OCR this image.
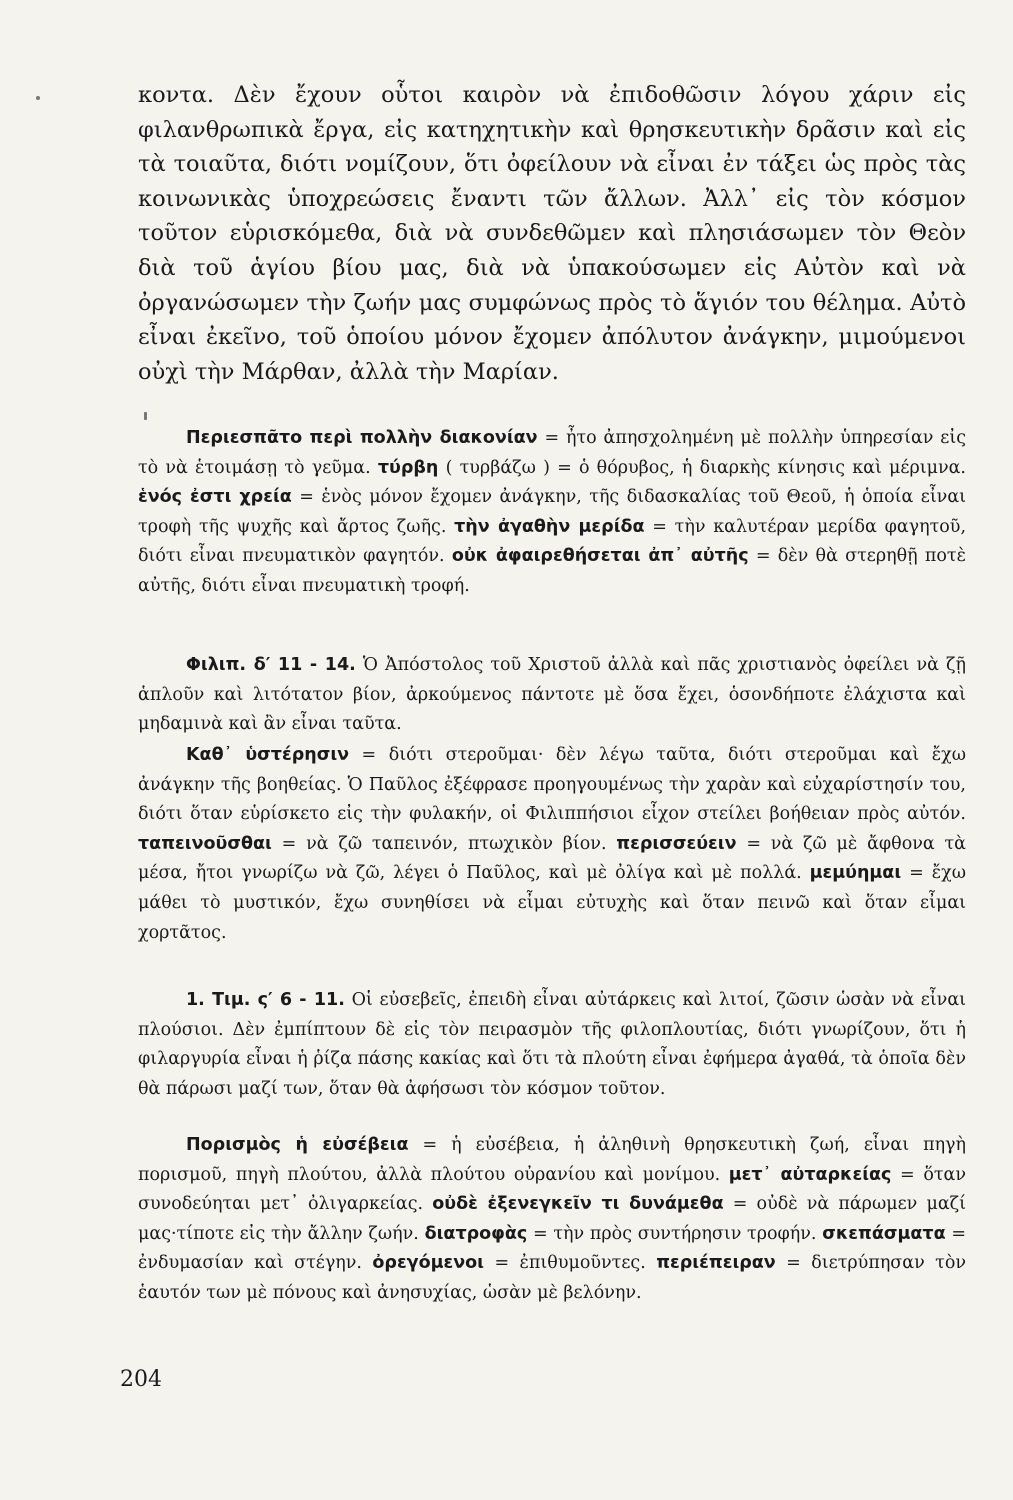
κοντα. Δὲν ἔχουν οὗτοι καιρὸν νὰ ἐπιδοθῶσιν λόγου χάριν εἰς φιλανθρωπικὰ ἔργα, εἰς κατηχητικὴν καὶ θρησκευτικὴν δρᾶσιν καὶ εἰς τὰ τοιαῦτα, διότι νομίζουν, ὅτι ὀφείλουν νὰ εἶναι ἐν τάξει ὡς πρὸς τὰς κοινωνικὰς ὑποχρεώσεις ἔναντι τῶν ἄλλων. Ἀλλ᾽ εἰς τὸν κόσμον τοῦτον εὑρισκόμεθα, διὰ νὰ συνδεθῶμεν καὶ πλησιάσωμεν τὸν Θεὸν διὰ τοῦ ἁγίου βίου μας, διὰ νὰ ὑπακούσωμεν εἰς Αὐτὸν καὶ νὰ ὀργανώσωμεν τὴν ζωήν μας συμφώνως πρὸς τὸ ἅγιόν του θέλημα. Αὐτὸ εἶναι ἐκεῖνο, τοῦ ὁποίου μόνον ἔχομεν ἀπόλυτον ἀνάγκην, μιμούμενοι οὐχὶ τὴν Μάρθαν, ἀλλὰ τὴν Μαρίαν.

Περιεσπᾶτο περὶ πολλὴν διακονίαν = ἦτο ἀπησχολημένη μὲ πολλὴν ὑπηρεσίαν εἰς τὸ νὰ ἑτοιμάσῃ τὸ γεῦμα. τύρβη ( τυρβάζω ) = ὁ θόρυβος, ἡ διαρκὴς κίνησις καὶ μέριμνα. ἑνός ἐστι χρεία = ἑνὸς μόνον ἔχομεν ἀνάγκην, τῆς διδασκαλίας τοῦ Θεοῦ, ἡ ὁποία εἶναι τροφὴ τῆς ψυχῆς καὶ ἄρτος ζωῆς. τὴν ἀγαθὴν μερίδα = τὴν καλυτέραν μερίδα φαγητοῦ, διότι εἶναι πνευματικὸν φαγητόν. οὐκ ἀφαιρεθήσεται ἀπ᾽ αὐτῆς = δὲν θὰ στερηθῇ ποτὲ αὐτῆς, διότι εἶναι πνευματικὴ τροφή.

Φιλιπ. δ′ 11 - 14. Ὁ Ἀπόστολος τοῦ Χριστοῦ ἀλλὰ καὶ πᾶς χριστιανὸς ὀφείλει νὰ ζῇ ἁπλοῦν καὶ λιτότατον βίον, ἀρκούμενος πάντοτε μὲ ὅσα ἔχει, ὁσονδήποτε ἐλάχιστα καὶ μηδαμινὰ καὶ ἂν εἶναι ταῦτα.

Καθ᾽ ὑστέρησιν = διότι στεροῦμαι· δὲν λέγω ταῦτα, διότι στεροῦμαι καὶ ἔχω ἀνάγκην τῆς βοηθείας. Ὁ Παῦλος ἐξέφρασε προηγουμένως τὴν χαρὰν καὶ εὐχαρίστησίν του, διότι ὅταν εὑρίσκετο εἰς τὴν φυλακήν, οἱ Φιλιππήσιοι εἶχον στείλει βοήθειαν πρὸς αὐτόν. ταπεινοῦσθαι = νὰ ζῶ ταπεινόν, πτωχικὸν βίον. περισσεύειν = νὰ ζῶ μὲ ἄφθονα τὰ μέσα, ἤτοι γνωρίζω νὰ ζῶ, λέγει ὁ Παῦλος, καὶ μὲ ὀλίγα καὶ μὲ πολλά. μεμύημαι = ἔχω μάθει τὸ μυστικόν, ἔχω συνηθίσει νὰ εἶμαι εὐτυχὴς καὶ ὅταν πεινῶ καὶ ὅταν εἶμαι χορτᾶτος.

1. Τιμ. ς′ 6 - 11. Οἱ εὐσεβεῖς, ἐπειδὴ εἶναι αὐτάρκεις καὶ λιτοί, ζῶσιν ὡσὰν νὰ εἶναι πλούσιοι. Δὲν ἐμπίπτουν δὲ εἰς τὸν πειρασμὸν τῆς φιλοπλουτίας, διότι γνωρίζουν, ὅτι ἡ φιλαργυρία εἶναι ἡ ῥίζα πάσης κακίας καὶ ὅτι τὰ πλούτη εἶναι ἐφήμερα ἀγαθά, τὰ ὁποῖα δὲν θὰ πάρωσι μαζί των, ὅταν θὰ ἀφήσωσι τὸν κόσμον τοῦτον.

Πορισμὸς ἡ εὐσέβεια = ἡ εὐσέβεια, ἡ ἀληθινὴ θρησκευτικὴ ζωή, εἶναι πηγὴ πορισμοῦ, πηγὴ πλούτου, ἀλλὰ πλούτου οὐρανίου καὶ μονίμου. μετ᾽ αὐταρκείας = ὅταν συνοδεύηται μετ᾽ ὀλιγαρκείας. οὐδὲ ἐξενεγκεῖν τι δυνάμεθα = οὐδὲ νὰ πάρωμεν μαζί μας·τίποτε εἰς τὴν ἄλλην ζωήν. διατροφὰς = τὴν πρὸς συντήρησιν τροφήν. σκεπάσματα = ἐνδυμασίαν καὶ στέγην. ὀρεγόμενοι = ἐπιθυμοῦντες. περιέπειραν = διετρύπησαν τὸν ἑαυτόν των μὲ πόνους καὶ ἀνησυχίας, ὡσὰν μὲ βελόνην.

204
